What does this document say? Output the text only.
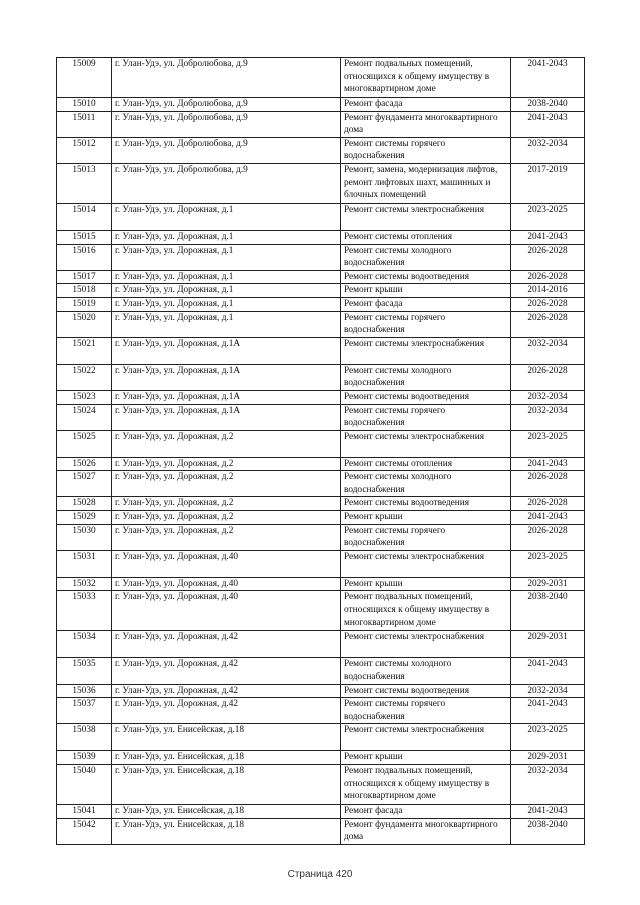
15009	г. Улан-Удэ, ул. Добролюбова, д.9	Ремонт подвальных помещений, относящихся к общему имуществу в многоквартирном доме	2041-2043
15010	г. Улан-Удэ, ул. Добролюбова, д.9	Ремонт фасада	2038-2040
15011	г. Улан-Удэ, ул. Добролюбова, д.9	Ремонт фундамента многоквартирного дома	2041-2043
15012	г. Улан-Удэ, ул. Добролюбова, д.9	Ремонт системы горячего водоснабжения	2032-2034
15013	г. Улан-Удэ, ул. Добролюбова, д.9	Ремонт, замена, модернизация лифтов, ремонт лифтовых шахт, машинных и блочных помещений	2017-2019
15014	г. Улан-Удэ, ул. Дорожная, д.1	Ремонт системы электроснабжения	2023-2025
15015	г. Улан-Удэ, ул. Дорожная, д.1	Ремонт системы отопления	2041-2043
15016	г. Улан-Удэ, ул. Дорожная, д.1	Ремонт системы холодного водоснабжения	2026-2028
15017	г. Улан-Удэ, ул. Дорожная, д.1	Ремонт системы водоотведения	2026-2028
15018	г. Улан-Удэ, ул. Дорожная, д.1	Ремонт крыши	2014-2016
15019	г. Улан-Удэ, ул. Дорожная, д.1	Ремонт фасада	2026-2028
15020	г. Улан-Удэ, ул. Дорожная, д.1	Ремонт системы горячего водоснабжения	2026-2028
15021	г. Улан-Удэ, ул. Дорожная, д.1А	Ремонт системы электроснабжения	2032-2034
15022	г. Улан-Удэ, ул. Дорожная, д.1А	Ремонт системы холодного водоснабжения	2026-2028
15023	г. Улан-Удэ, ул. Дорожная, д.1А	Ремонт системы водоотведения	2032-2034
15024	г. Улан-Удэ, ул. Дорожная, д.1А	Ремонт системы горячего водоснабжения	2032-2034
15025	г. Улан-Удэ, ул. Дорожная, д.2	Ремонт системы электроснабжения	2023-2025
15026	г. Улан-Удэ, ул. Дорожная, д.2	Ремонт системы отопления	2041-2043
15027	г. Улан-Удэ, ул. Дорожная, д.2	Ремонт системы холодного водоснабжения	2026-2028
15028	г. Улан-Удэ, ул. Дорожная, д.2	Ремонт системы водоотведения	2026-2028
15029	г. Улан-Удэ, ул. Дорожная, д.2	Ремонт крыши	2041-2043
15030	г. Улан-Удэ, ул. Дорожная, д.2	Ремонт системы горячего водоснабжения	2026-2028
15031	г. Улан-Удэ, ул. Дорожная, д.40	Ремонт системы электроснабжения	2023-2025
15032	г. Улан-Удэ, ул. Дорожная, д.40	Ремонт крыши	2029-2031
15033	г. Улан-Удэ, ул. Дорожная, д.40	Ремонт подвальных помещений, относящихся к общему имуществу в многоквартирном доме	2038-2040
15034	г. Улан-Удэ, ул. Дорожная, д.42	Ремонт системы электроснабжения	2029-2031
15035	г. Улан-Удэ, ул. Дорожная, д.42	Ремонт системы холодного водоснабжения	2041-2043
15036	г. Улан-Удэ, ул. Дорожная, д.42	Ремонт системы водоотведения	2032-2034
15037	г. Улан-Удэ, ул. Дорожная, д.42	Ремонт системы горячего водоснабжения	2041-2043
15038	г. Улан-Удэ, ул. Енисейская, д.18	Ремонт системы электроснабжения	2023-2025
15039	г. Улан-Удэ, ул. Енисейская, д.18	Ремонт крыши	2029-2031
15040	г. Улан-Удэ, ул. Енисейская, д.18	Ремонт подвальных помещений, относящихся к общему имуществу в многоквартирном доме	2032-2034
15041	г. Улан-Удэ, ул. Енисейская, д.18	Ремонт фасада	2041-2043
15042	г. Улан-Удэ, ул. Енисейская, д.18	Ремонт фундамента многоквартирного дома	2038-2040
Страница 420
